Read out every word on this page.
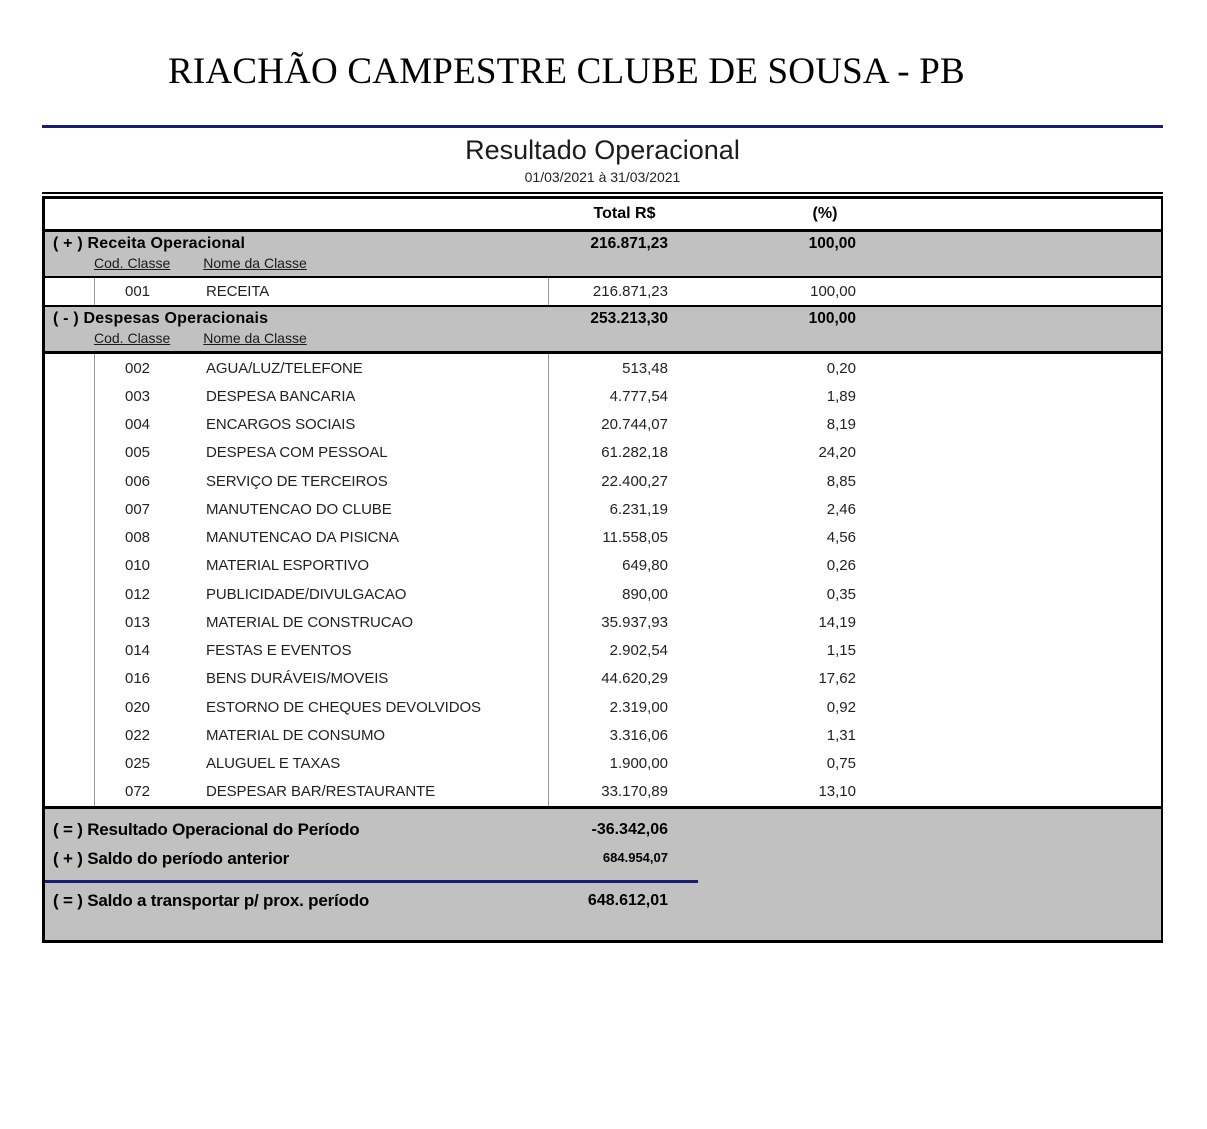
RIACHÃO CAMPESTRE CLUBE DE SOUSA - PB
Resultado Operacional
01/03/2021 à 31/03/2021
Total R$	(%)
( + ) Receita Operacional	216.871,23	100,00
Cod. Classe Nome da Classe
001	RECEITA	216.871,23	100,00
( - ) Despesas Operacionais	253.213,30	100,00
Cod. Classe Nome da Classe
002	AGUA/LUZ/TELEFONE	513,48	0,20
003	DESPESA BANCARIA	4.777,54	1,89
004	ENCARGOS SOCIAIS	20.744,07	8,19
005	DESPESA COM PESSOAL	61.282,18	24,20
006	SERVIÇO DE TERCEIROS	22.400,27	8,85
007	MANUTENCAO DO CLUBE	6.231,19	2,46
008	MANUTENCAO DA PISICNA	11.558,05	4,56
010	MATERIAL ESPORTIVO	649,80	0,26
012	PUBLICIDADE/DIVULGACAO	890,00	0,35
013	MATERIAL DE CONSTRUCAO	35.937,93	14,19
014	FESTAS E EVENTOS	2.902,54	1,15
016	BENS DURÁVEIS/MOVEIS	44.620,29	17,62
020	ESTORNO DE CHEQUES DEVOLVIDOS	2.319,00	0,92
022	MATERIAL DE CONSUMO	3.316,06	1,31
025	ALUGUEL E TAXAS	1.900,00	0,75
072	DESPESAR BAR/RESTAURANTE	33.170,89	13,10
( = ) Resultado Operacional do Período	-36.342,06
( + ) Saldo do período anterior	684.954,07
( = ) Saldo a transportar p/ prox. período	648.612,01
